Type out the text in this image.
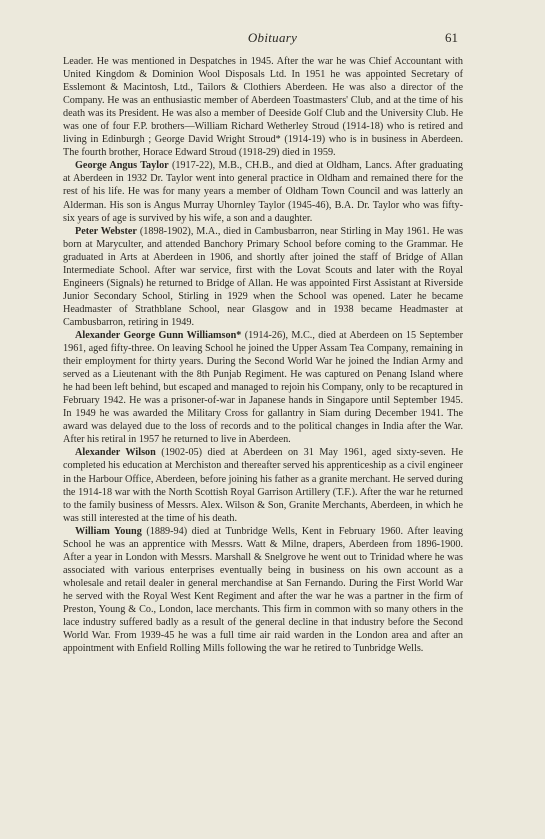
Obituary	61

Leader. He was mentioned in Despatches in 1945. After the war he was Chief Accountant with United Kingdom & Dominion Wool Disposals Ltd. In 1951 he was appointed Secretary of Esslemont & Macintosh, Ltd., Tailors & Clothiers Aberdeen. He was also a director of the Company. He was an enthusiastic member of Aberdeen Toastmasters' Club, and at the time of his death was its President. He was also a member of Deeside Golf Club and the University Club. He was one of four F.P. brothers—William Richard Wetherley Stroud (1914-18) who is retired and living in Edinburgh ; George David Wright Stroud* (1914-19) who is in business in Aberdeen. The fourth brother, Horace Edward Stroud (1918-29) died in 1959.

George Angus Taylor (1917-22), M.B., CH.B., and died at Oldham, Lancs. After graduating at Aberdeen in 1932 Dr. Taylor went into general practice in Oldham and remained there for the rest of his life. He was for many years a member of Oldham Town Council and was latterly an Alderman. His son is Angus Murray Uhornley Taylor (1945-46), B.A. Dr. Taylor who was fifty-six years of age is survived by his wife, a son and a daughter.

Peter Webster (1898-1902), M.A., died in Cambusbarron, near Stirling in May 1961. He was born at Maryculter, and attended Banchory Primary School before coming to the Grammar. He graduated in Arts at Aberdeen in 1906, and shortly after joined the staff of Bridge of Allan Intermediate School. After war service, first with the Lovat Scouts and later with the Royal Engineers (Signals) he returned to Bridge of Allan. He was appointed First Assistant at Riverside Junior Secondary School, Stirling in 1929 when the School was opened. Later he became Headmaster of Strathblane School, near Glasgow and in 1938 became Headmaster at Cambusbarron, retiring in 1949.

Alexander George Gunn Williamson* (1914-26), M.C., died at Aberdeen on 15 September 1961, aged fifty-three. On leaving School he joined the Upper Assam Tea Company, remaining in their employment for thirty years. During the Second World War he joined the Indian Army and served as a Lieutenant with the 8th Punjab Regiment. He was captured on Penang Island where he had been left behind, but escaped and managed to rejoin his Company, only to be recaptured in February 1942. He was a prisoner-of-war in Japanese hands in Singapore until September 1945. In 1949 he was awarded the Military Cross for gallantry in Siam during December 1941. The award was delayed due to the loss of records and to the political changes in India after the War. After his retiral in 1957 he returned to live in Aberdeen.

Alexander Wilson (1902-05) died at Aberdeen on 31 May 1961, aged sixty-seven. He completed his education at Merchiston and thereafter served his apprenticeship as a civil engineer in the Harbour Office, Aberdeen, before joining his father as a granite merchant. He served during the 1914-18 war with the North Scottish Royal Garrison Artillery (T.F.). After the war he returned to the family business of Messrs. Alex. Wilson & Son, Granite Merchants, Aberdeen, in which he was still interested at the time of his death.

William Young (1889-94) died at Tunbridge Wells, Kent in February 1960. After leaving School he was an apprentice with Messrs. Watt & Milne, drapers, Aberdeen from 1896-1900. After a year in London with Messrs. Marshall & Snelgrove he went out to Trinidad where he was associated with various enterprises eventually being in business on his own account as a wholesale and retail dealer in general merchandise at San Fernando. During the First World War he served with the Royal West Kent Regiment and after the war he was a partner in the firm of Preston, Young & Co., London, lace merchants. This firm in common with so many others in the lace industry suffered badly as a result of the general decline in that industry before the Second World War. From 1939-45 he was a full time air raid warden in the London area and after an appointment with Enfield Rolling Mills following the war he retired to Tunbridge Wells.
